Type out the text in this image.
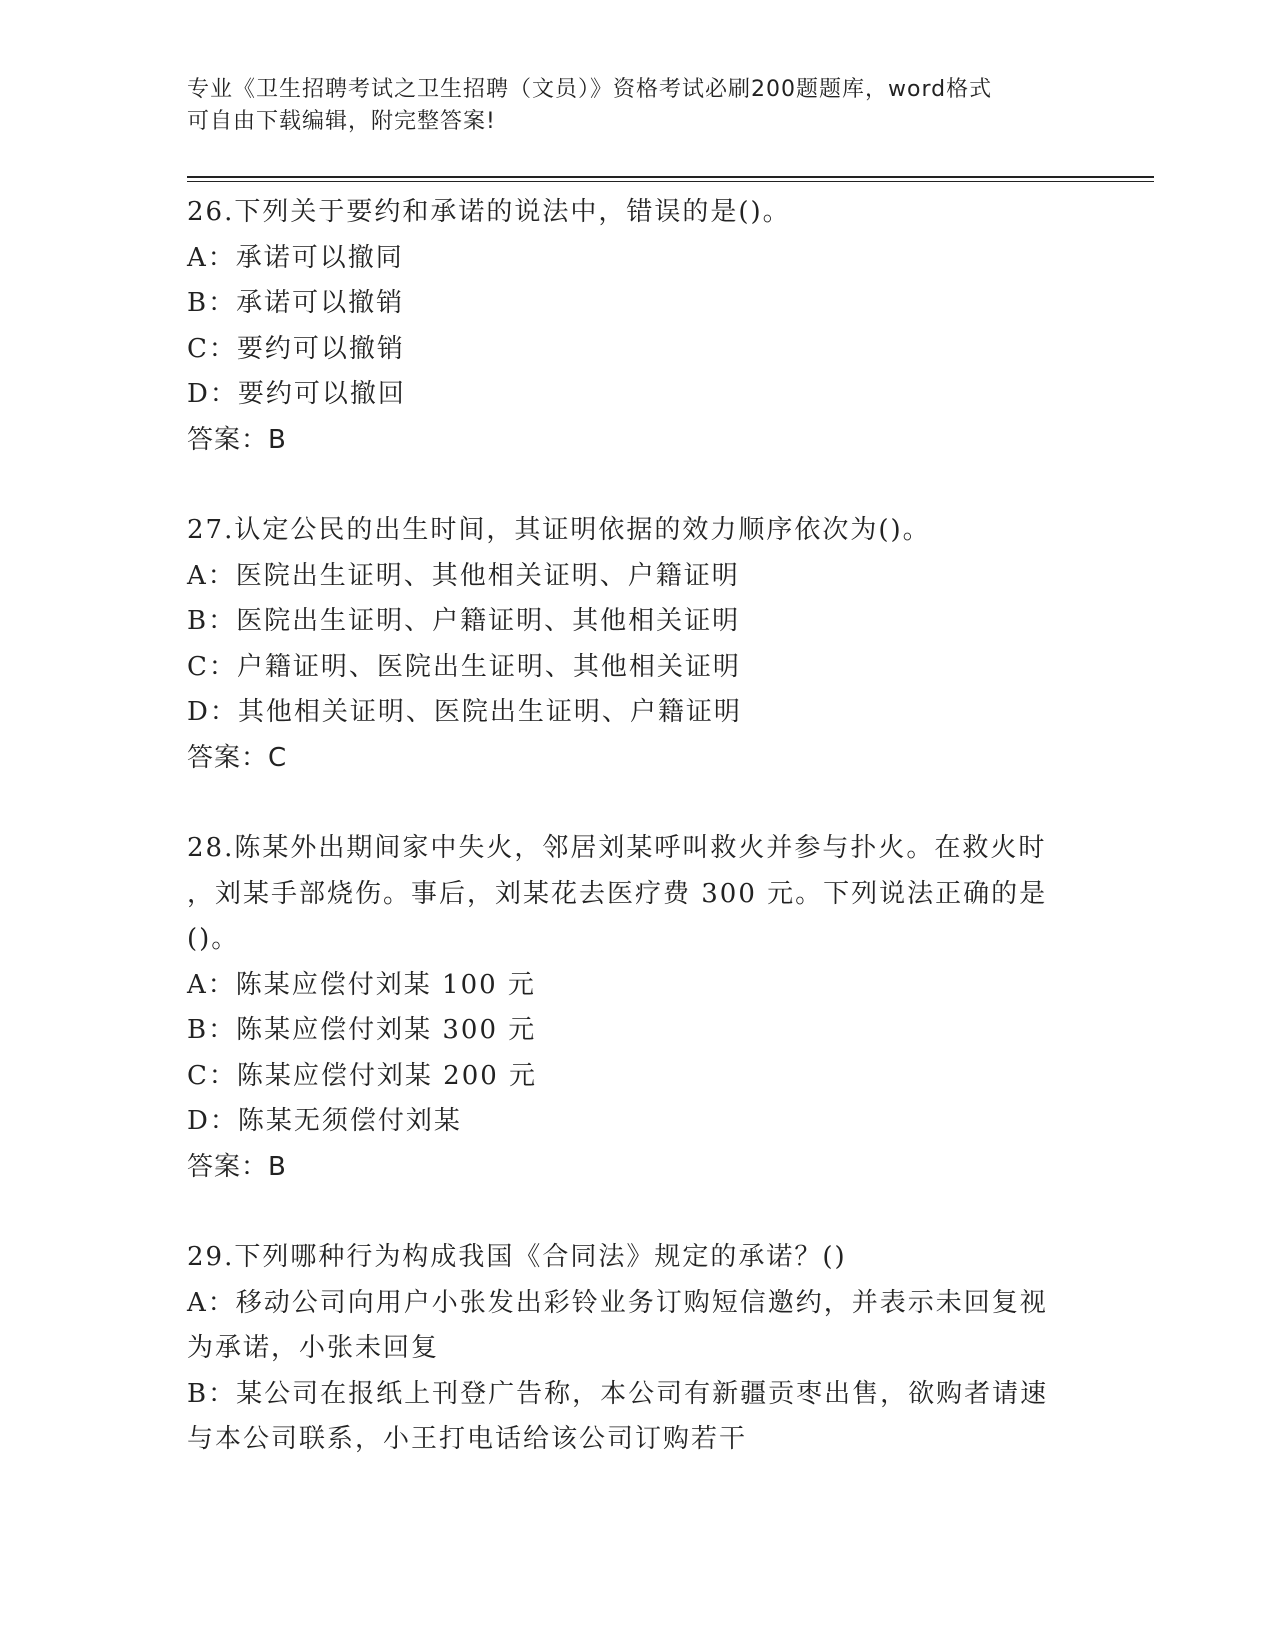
专业《卫生招聘考试之卫生招聘（文员）》资格考试必刷200题题库，word格式
可自由下载编辑，附完整答案!
26.下列关于要约和承诺的说法中，错误的是()。
A：承诺可以撤同
B：承诺可以撤销
C：要约可以撤销
D：要约可以撤回
答案：B
27.认定公民的出生时间，其证明依据的效力顺序依次为()。
A：医院出生证明、其他相关证明、户籍证明
B：医院出生证明、户籍证明、其他相关证明
C：户籍证明、医院出生证明、其他相关证明
D：其他相关证明、医院出生证明、户籍证明
答案：C
28.陈某外出期间家中失火，邻居刘某呼叫救火并参与扑火。在救火时
，刘某手部烧伤。事后，刘某花去医疗费 300 元。下列说法正确的是
()。
A：陈某应偿付刘某 100 元
B：陈某应偿付刘某 300 元
C：陈某应偿付刘某 200 元
D：陈某无须偿付刘某
答案：B
29.下列哪种行为构成我国《合同法》规定的承诺？()
A：移动公司向用户小张发出彩铃业务订购短信邀约，并表示未回复视
为承诺，小张未回复
B：某公司在报纸上刊登广告称，本公司有新疆贡枣出售，欲购者请速
与本公司联系，小王打电话给该公司订购若干
